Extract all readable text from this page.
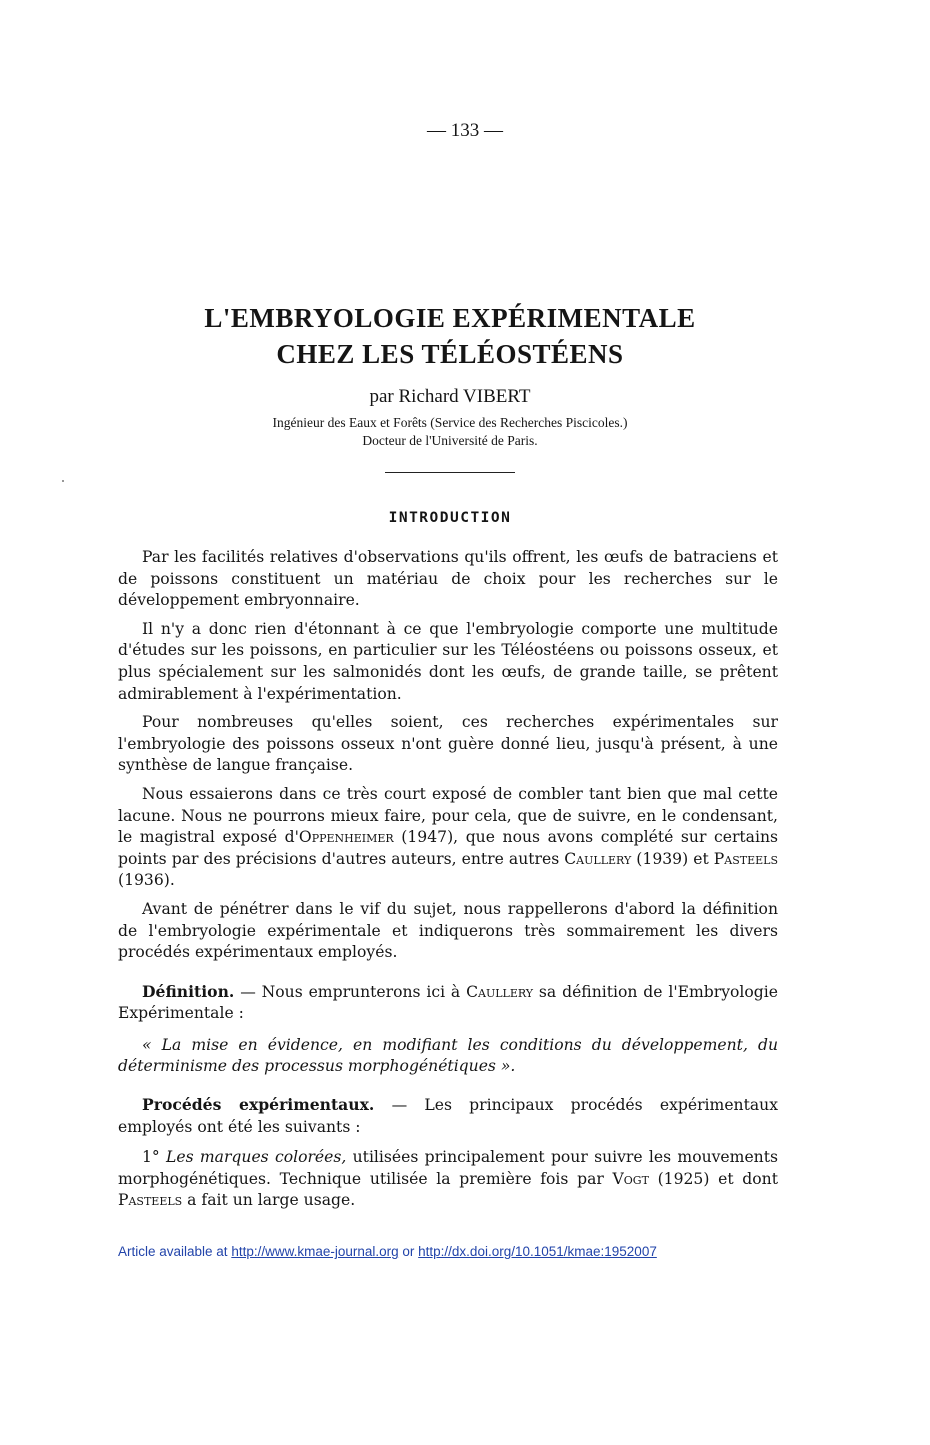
— 133 —
L'EMBRYOLOGIE EXPÉRIMENTALE
CHEZ LES TÉLÉOSTÉENS
par Richard VIBERT
Ingénieur des Eaux et Forêts (Service des Recherches Piscicoles.)
Docteur de l'Université de Paris.
INTRODUCTION

Par les facilités relatives d'observations qu'ils offrent, les œufs de batraciens et de poissons constituent un matériau de choix pour les recherches sur le développement embryonnaire.

Il n'y a donc rien d'étonnant à ce que l'embryologie comporte une multitude d'études sur les poissons, en particulier sur les Téléostéens ou poissons osseux, et plus spécialement sur les salmonidés dont les œufs, de grande taille, se prêtent admirablement à l'expérimentation.

Pour nombreuses qu'elles soient, ces recherches expérimentales sur l'embryologie des poissons osseux n'ont guère donné lieu, jusqu'à présent, à une synthèse de langue française.

Nous essaierons dans ce très court exposé de combler tant bien que mal cette lacune. Nous ne pourrons mieux faire, pour cela, que de suivre, en le condensant, le magistral exposé d'Oppenheimer (1947), que nous avons complété sur certains points par des précisions d'autres auteurs, entre autres Caullery (1939) et Pasteels (1936).

Avant de pénétrer dans le vif du sujet, nous rappellerons d'abord la définition de l'embryologie expérimentale et indiquerons très sommairement les divers procédés expérimentaux employés.

Définition. — Nous emprunterons ici à Caullery sa définition de l'Embryologie Expérimentale :

« La mise en évidence, en modifiant les conditions du développement, du déterminisme des processus morphogénétiques ».

Procédés expérimentaux. — Les principaux procédés expérimentaux employés ont été les suivants :

1° Les marques colorées, utilisées principalement pour suivre les mouvements morphogénétiques. Technique utilisée la première fois par Vogt (1925) et dont Pasteels a fait un large usage.

Article available at http://www.kmae-journal.org or http://dx.doi.org/10.1051/kmae:1952007
